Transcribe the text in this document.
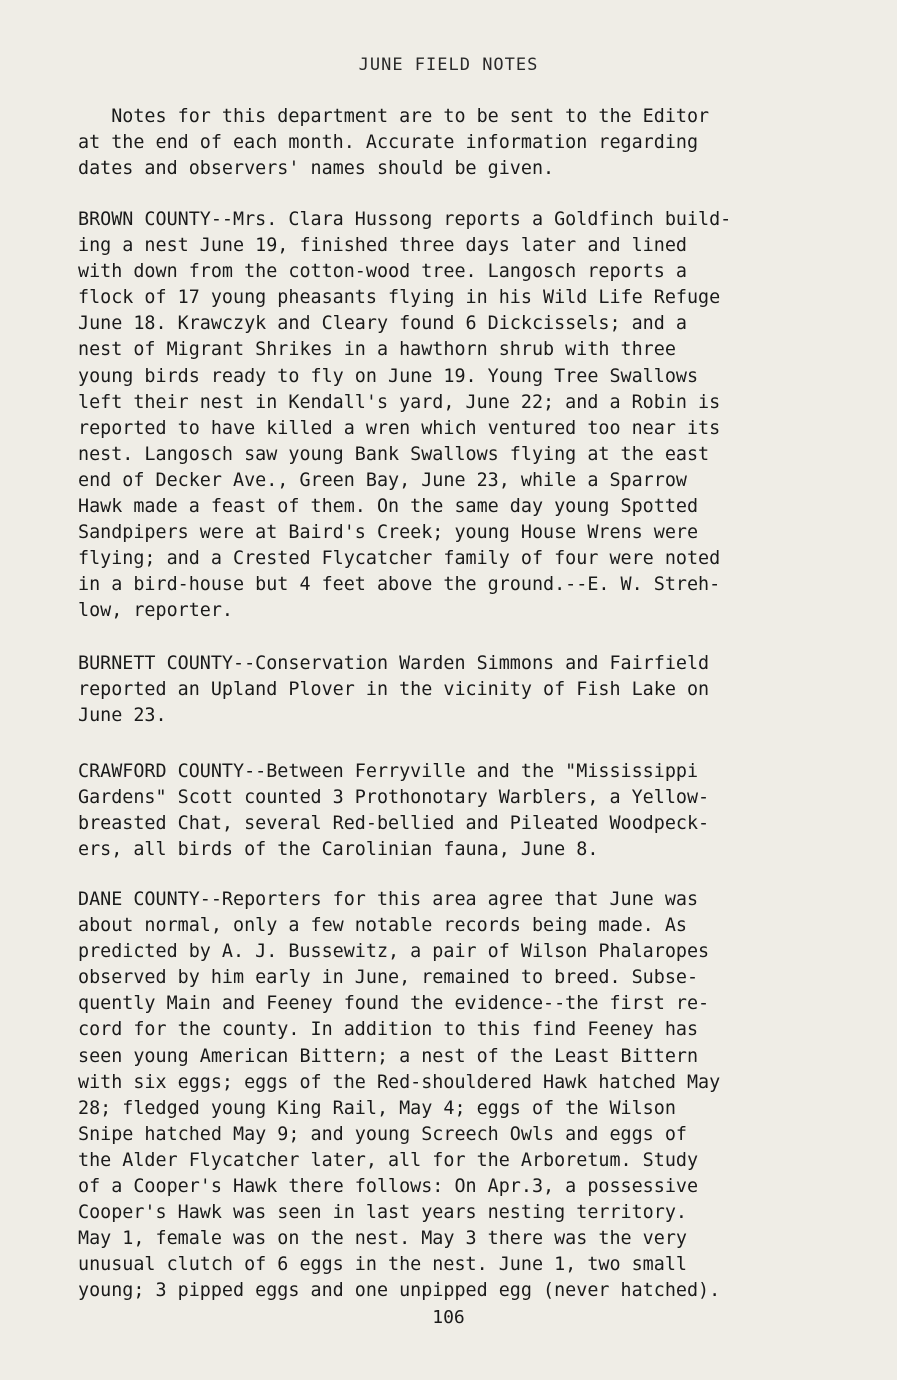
JUNE FIELD NOTES
Notes for this department are to be sent to the Editor
at the end of each month. Accurate information regarding
dates and observers' names should be given.
BROWN COUNTY--Mrs. Clara Hussong reports a Goldfinch build-
ing a nest June 19, finished three days later and lined
with down from the cotton-wood tree. Langosch reports a
flock of 17 young pheasants flying in his Wild Life Refuge
June 18. Krawczyk and Cleary found 6 Dickcissels; and a
nest of Migrant Shrikes in a hawthorn shrub with three
young birds ready to fly on June 19. Young Tree Swallows
left their nest in Kendall's yard, June 22; and a Robin is
reported to have killed a wren which ventured too near its
nest. Langosch saw young Bank Swallows flying at the east
end of Decker Ave., Green Bay, June 23, while a Sparrow
Hawk made a feast of them. On the same day young Spotted
Sandpipers were at Baird's Creek; young House Wrens were
flying; and a Crested Flycatcher family of four were noted
in a bird-house but 4 feet above the ground.--E. W. Streh-
low, reporter.
BURNETT COUNTY--Conservation Warden Simmons and Fairfield
reported an Upland Plover in the vicinity of Fish Lake on
June 23.
CRAWFORD COUNTY--Between Ferryville and the "Mississippi
Gardens" Scott counted 3 Prothonotary Warblers, a Yellow-
breasted Chat, several Red-bellied and Pileated Woodpeck-
ers, all birds of the Carolinian fauna, June 8.
DANE COUNTY--Reporters for this area agree that June was
about normal, only a few notable records being made. As
predicted by A. J. Bussewitz, a pair of Wilson Phalaropes
observed by him early in June, remained to breed. Subse-
quently Main and Feeney found the evidence--the first re-
cord for the county. In addition to this find Feeney has
seen young American Bittern; a nest of the Least Bittern
with six eggs; eggs of the Red-shouldered Hawk hatched May
28; fledged young King Rail, May 4; eggs of the Wilson
Snipe hatched May 9; and young Screech Owls and eggs of
the Alder Flycatcher later, all for the Arboretum. Study
of a Cooper's Hawk there follows: On Apr.3, a possessive
Cooper's Hawk was seen in last years nesting territory.
May 1, female was on the nest. May 3 there was the very
unusual clutch of 6 eggs in the nest. June 1, two small
young; 3 pipped eggs and one unpipped egg (never hatched).
106
